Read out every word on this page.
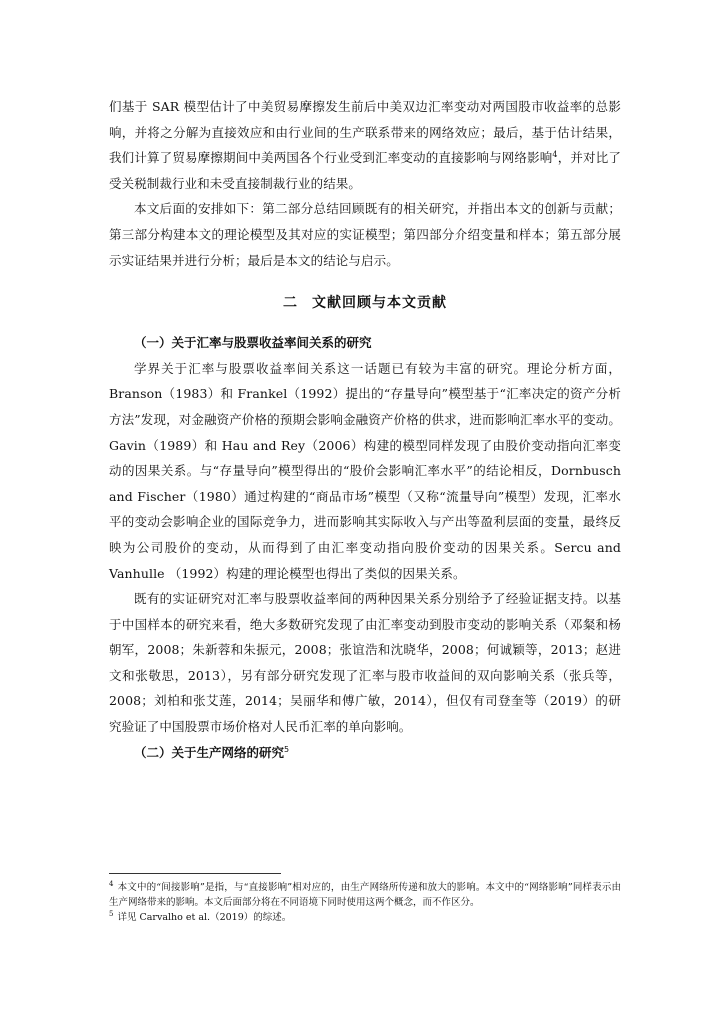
们基于 SAR 模型估计了中美贸易摩擦发生前后中美双边汇率变动对两国股市收益率的总影响，并将之分解为直接效应和由行业间的生产联系带来的网络效应；最后，基于估计结果，我们计算了贸易摩擦期间中美两国各个行业受到汇率变动的直接影响与网络影响$^4$，并对比了受关税制裁行业和未受直接制裁行业的结果。

本文后面的安排如下：第二部分总结回顾既有的相关研究，并指出本文的创新与贡献；第三部分构建本文的理论模型及其对应的实证模型；第四部分介绍变量和样本；第五部分展示实证结果并进行分析；最后是本文的结论与启示。

二 文献回顾与本文贡献

（一）关于汇率与股票收益率间关系的研究

学界关于汇率与股票收益率间关系这一话题已有较为丰富的研究。理论分析方面，Branson（1983）和 Frankel（1992）提出的“存量导向”模型基于“汇率决定的资产分析方法”发现，对金融资产价格的预期会影响金融资产价格的供求，进而影响汇率水平的变动。Gavin（1989）和 Hau and Rey（2006）构建的模型同样发现了由股价变动指向汇率变动的因果关系。与“存量导向”模型得出的“股价会影响汇率水平”的结论相反，Dornbusch and Fischer（1980）通过构建的“商品市场”模型（又称“流量导向”模型）发现，汇率水平的变动会影响企业的国际竞争力，进而影响其实际收入与产出等盈利层面的变量，最终反映为公司股价的变动，从而得到了由汇率变动指向股价变动的因果关系。Sercu and Vanhulle （1992）构建的理论模型也得出了类似的因果关系。

既有的实证研究对汇率与股票收益率间的两种因果关系分别给予了经验证据支持。以基于中国样本的研究来看，绝大多数研究发现了由汇率变动到股市变动的影响关系（邓粲和杨朝军，2008；朱新蓉和朱振元，2008；张谊浩和沈晓华，2008；何诚颖等，2013；赵进文和张敬思，2013），另有部分研究发现了汇率与股市收益间的双向影响关系（张兵等，2008；刘柏和张艾莲，2014；吴丽华和傅广敏，2014），但仅有司登奎等（2019）的研究验证了中国股票市场价格对人民币汇率的单向影响。

（二）关于生产网络的研究$^5$

$^4$ 本文中的“间接影响”是指，与“直接影响”相对应的，由生产网络所传递和放大的影响。本文中的“网络影响”同样表示由生产网络带来的影响。本文后面部分将在不同语境下同时使用这两个概念，而不作区分。

$^5$ 详见 Carvalho et al.（2019）的综述。
